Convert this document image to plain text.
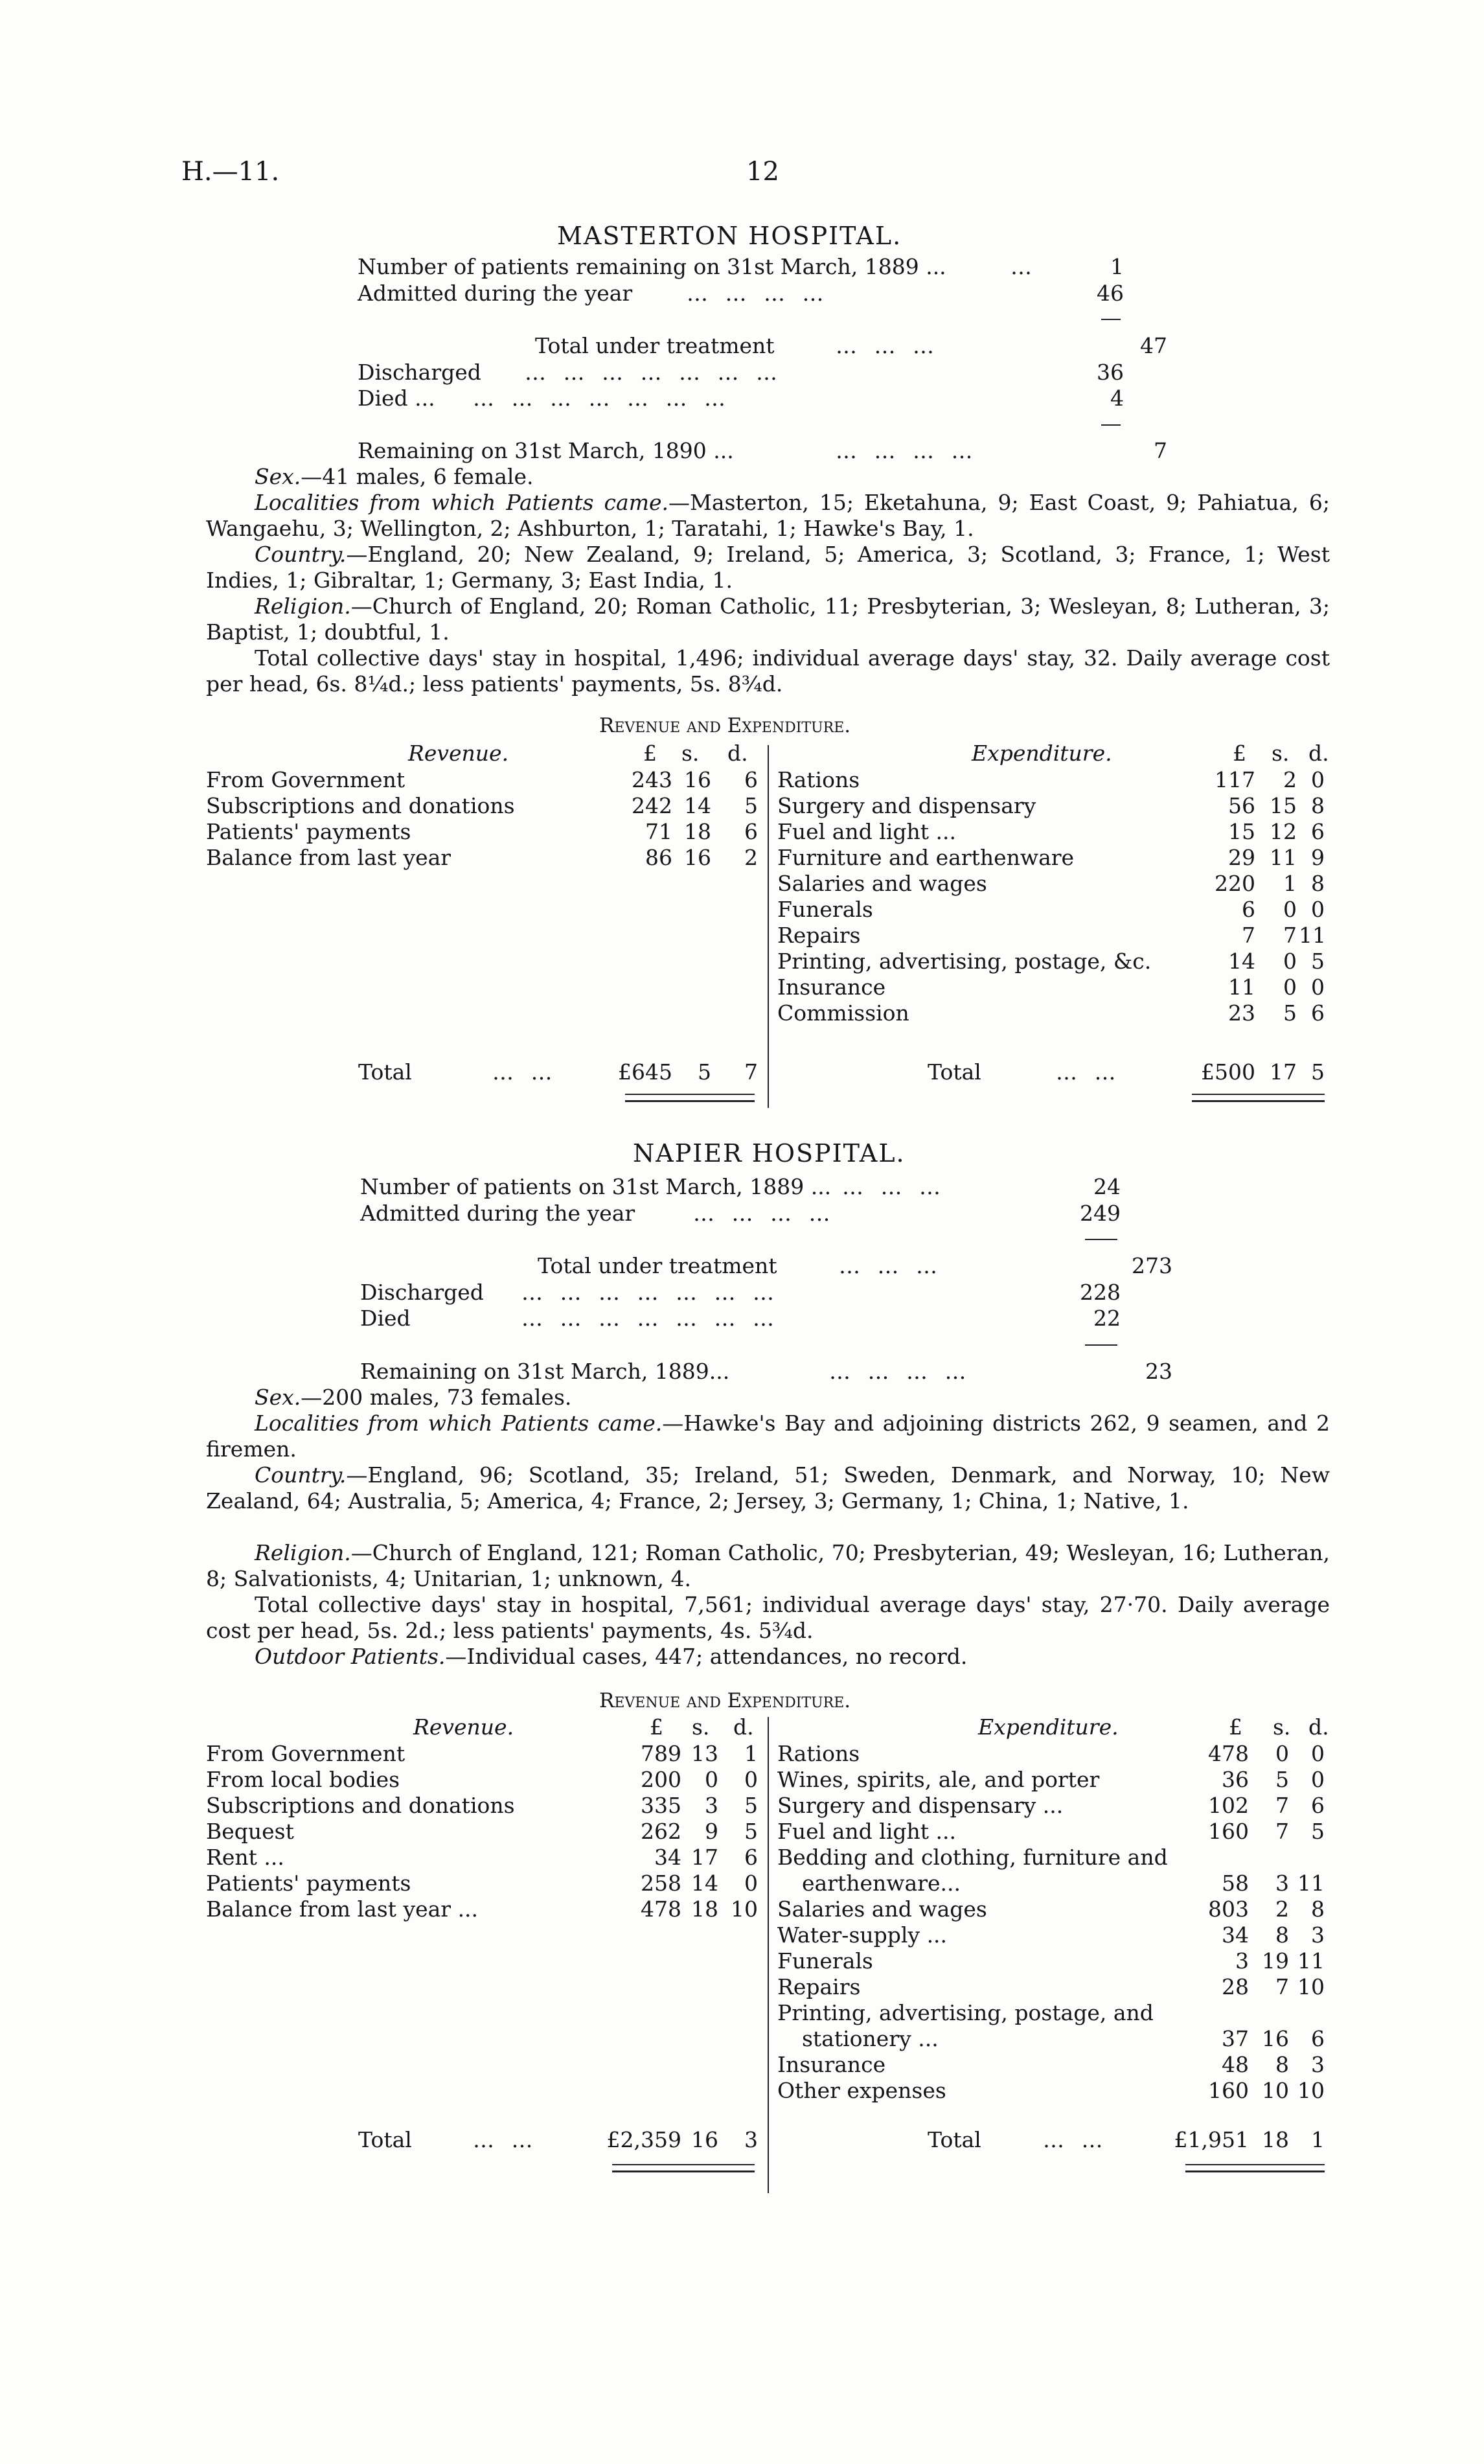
H.—11.	12
MASTERTON HOSPITAL.
Number of patients remaining on 31st March, 1889 ...	…	1
Admitted during the year	… … … …	46
Total under treatment	… … …	47
Discharged … … … … … … …	36
Died ... … … … … … … …	4
Remaining on 31st March, 1890 ...	… … … …	7
Sex.—41 males, 6 female.
Localities from which Patients came.—Masterton, 15; Eketahuna, 9; East Coast, 9; Pahiatua, 6; Wangaehu, 3; Wellington, 2; Ashburton, 1; Taratahi, 1; Hawke's Bay, 1.
Country.—England, 20; New Zealand, 9; Ireland, 5; America, 3; Scotland, 3; France, 1; West Indies, 1; Gibraltar, 1; Germany, 3; East India, 1.
Religion.—Church of England, 20; Roman Catholic, 11; Presbyterian, 3; Wesleyan, 8; Lutheran, 3; Baptist, 1; doubtful, 1.
Total collective days' stay in hospital, 1,496; individual average days' stay, 32. Daily average cost per head, 6s. 8¼d.; less patients' payments, 5s. 8¾d.
Revenue and Expenditure.
Revenue.	£ s. d.	Expenditure.	£ s. d.
From Government	243 16	6
Subscriptions and donations	242 14	5
Patients' payments	71 18	6
Balance from last year	86 16	2
Rations	117	2 0
Surgery and dispensary	56 15 8
Fuel and light ...	15 12 6
Furniture and earthenware	29 11 9
Salaries and wages	220	1 8
Funerals	6	0 0
Repairs	7	7 11
Printing, advertising, postage, &c.	14	0 5
Insurance	11	0 0
Commission	23	5 6
Total	… …	£645	5	7	Total	… …	£500 17 5
NAPIER HOSPITAL.
Number of patients on 31st March, 1889 ... … … …	24
Admitted during the year	… … … …	249
Total under treatment	… … …	273
Discharged … … … … … … …	228
Died	… … … … … … …	22
Remaining on 31st March, 1889...	… … … …	23
Sex.—200 males, 73 females.
Localities from which Patients came.—Hawke's Bay and adjoining districts 262, 9 seamen, and 2 firemen.
Country.—England, 96; Scotland, 35; Ireland, 51; Sweden, Denmark, and Norway, 10; New Zealand, 64; Australia, 5; America, 4; France, 2; Jersey, 3; Germany, 1; China, 1; Native, 1.
Religion.—Church of England, 121; Roman Catholic, 70; Presbyterian, 49; Wesleyan, 16; Lutheran, 8; Salvationists, 4; Unitarian, 1; unknown, 4.
Total collective days' stay in hospital, 7,561; individual average days' stay, 27·70. Daily average cost per head, 5s. 2d.; less patients' payments, 4s. 5¾d.
Outdoor Patients.—Individual cases, 447; attendances, no record.
Revenue and Expenditure.
Revenue.	£ s. d.	Expenditure.	£ s. d.
From Government	789 13	1
From local bodies	200	0	0
Subscriptions and donations	335	3	5
Bequest	262	9	5
Rent ...	34 17	6
Patients' payments	258 14	0
Balance from last year ...	478 18 10
Rations	478	0	0
Wines, spirits, ale, and porter	36	5	0
Surgery and dispensary ...	102	7	6
Fuel and light ...	160	7	5
Bedding and clothing, furniture and
earthenware...	58	3 11
Salaries and wages	803	2	8
Water-supply ...	34	8	3
Funerals	3 19 11
Repairs	28	7 10
Printing, advertising, postage, and
stationery ...	37 16	6
Insurance	48	8	3
Other expenses	160 10 10
Total	… …	£2,359 16	3	Total	… …	£1,951 18	1
